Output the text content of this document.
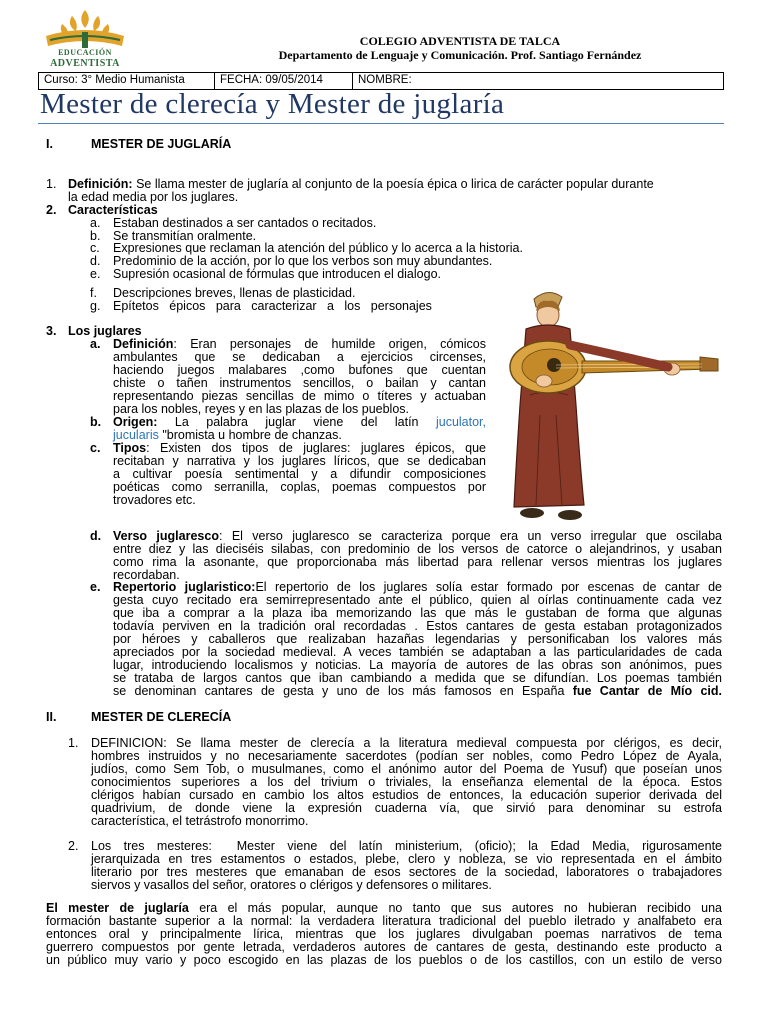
EDUCACIÓN
ADVENTISTA
COLEGIO ADVENTISTA DE TALCA
Departamento de Lenguaje y Comunicación. Prof. Santiago Fernández
Curso: 3° Medio Humanista	FECHA: 09/05/2014	NOMBRE:
Mester de clerecía y Mester de juglaría
I.	MESTER DE JUGLARÍA
1. Definición: Se llama mester de juglaría al conjunto de la poesía épica o lirica de carácter popular durante
la edad media por los juglares.
2. Características
a. Estaban destinados a ser cantados o recitados.
b. Se transmitían oralmente.
c. Expresiones que reclaman la atención del público y lo acerca a la historia.
d. Predominio de la acción, por lo que los verbos son muy abundantes.
e. Supresión ocasional de fórmulas que introducen el dialogo.
f. Descripciones breves, llenas de plasticidad.
g. Epítetos   épicos   para   caracterizar   a   los   personajes
3. Los juglares
a. Definición: Eran personajes de humilde origen, cómicos
ambulantes que se dedicaban a ejercicios circenses,
haciendo juegos malabares ,como bufones que cuentan
chiste o tañen instrumentos sencillos, o bailan y cantan
representando piezas sencillas de mimo o títeres y actuaban
para los nobles, reyes y en las plazas de los pueblos.
b. Origen: La palabra juglar viene del latín juculator,
jucularis "bromista u hombre de chanzas.
c. Tipos: Existen dos tipos de juglares: juglares épicos, que
recitaban y narrativa y los juglares líricos, que se dedicaban
a cultivar poesía sentimental y a difundir composiciones
poéticas como serranilla, coplas, poemas compuestos por
trovadores etc.
d. Verso juglaresco: El verso juglaresco se caracteriza porque era un verso irregular que oscilaba
entre diez y las dieciséis silabas, con predominio de los versos de catorce o alejandrinos, y usaban
como rima la asonante, que proporcionaba más libertad para rellenar versos mientras los juglares
recordaban.
e. Repertorio juglaristico:El repertorio de los juglares solía estar formado por escenas de cantar de
gesta cuyo recitado era semirrepresentado ante el público, quien al oírlas continuamente cada vez
que iba a comprar a la plaza iba memorizando las que más le gustaban de forma que algunas
todavía perviven en la tradición oral recordadas . Estos cantares de gesta estaban protagonizados
por héroes y caballeros que realizaban hazañas legendarias y personificaban los valores más
apreciados por la sociedad medieval. A veces también se adaptaban a las particularidades de cada
lugar, introduciendo localismos y noticias. La mayoría de autores de las obras son anónimos, pues
se trataba de largos cantos que iban cambiando a medida que se difundían. Los poemas también
se denominan cantares de gesta y uno de los más famosos en España fue Cantar de Mío cid.
II.	MESTER DE CLERECÍA
1. DEFINICION: Se llama mester de clerecía a la literatura medieval compuesta por clérigos, es decir,
hombres instruidos y no necesariamente sacerdotes (podían ser nobles, como Pedro López de Ayala,
judíos, como Sem Tob, o musulmanes, como el anónimo autor del Poema de Yusuf) que poseían unos
conocimientos superiores a los del trivium o triviales, la enseñanza elemental de la época. Estos
clérigos habían cursado en cambio los altos estudios de entonces, la educación superior derivada del
quadrivium, de donde viene la expresión cuaderna vía, que sirvió para denominar su estrofa
característica, el tetrástrofo monorrimo.
2. Los tres mesteres:  Mester viene del latín ministerium, (oficio); la Edad Media, rigurosamente
jerarquizada en tres estamentos o estados, plebe, clero y nobleza, se vio representada en el ámbito
literario por tres mesteres que emanaban de esos sectores de la sociedad, laboratores o trabajadores
siervos y vasallos del señor, oratores o clérigos y defensores o militares.
El mester de juglaría era el más popular, aunque no tanto que sus autores no hubieran recibido una
formación bastante superior a la normal: la verdadera literatura tradicional del pueblo iletrado y analfabeto era
entonces oral y principalmente lírica, mientras que los juglares divulgaban poemas narrativos de tema
guerrero compuestos por gente letrada, verdaderos autores de cantares de gesta, destinando este producto a
un público muy vario y poco escogido en las plazas de los pueblos o de los castillos, con un estilo de verso
